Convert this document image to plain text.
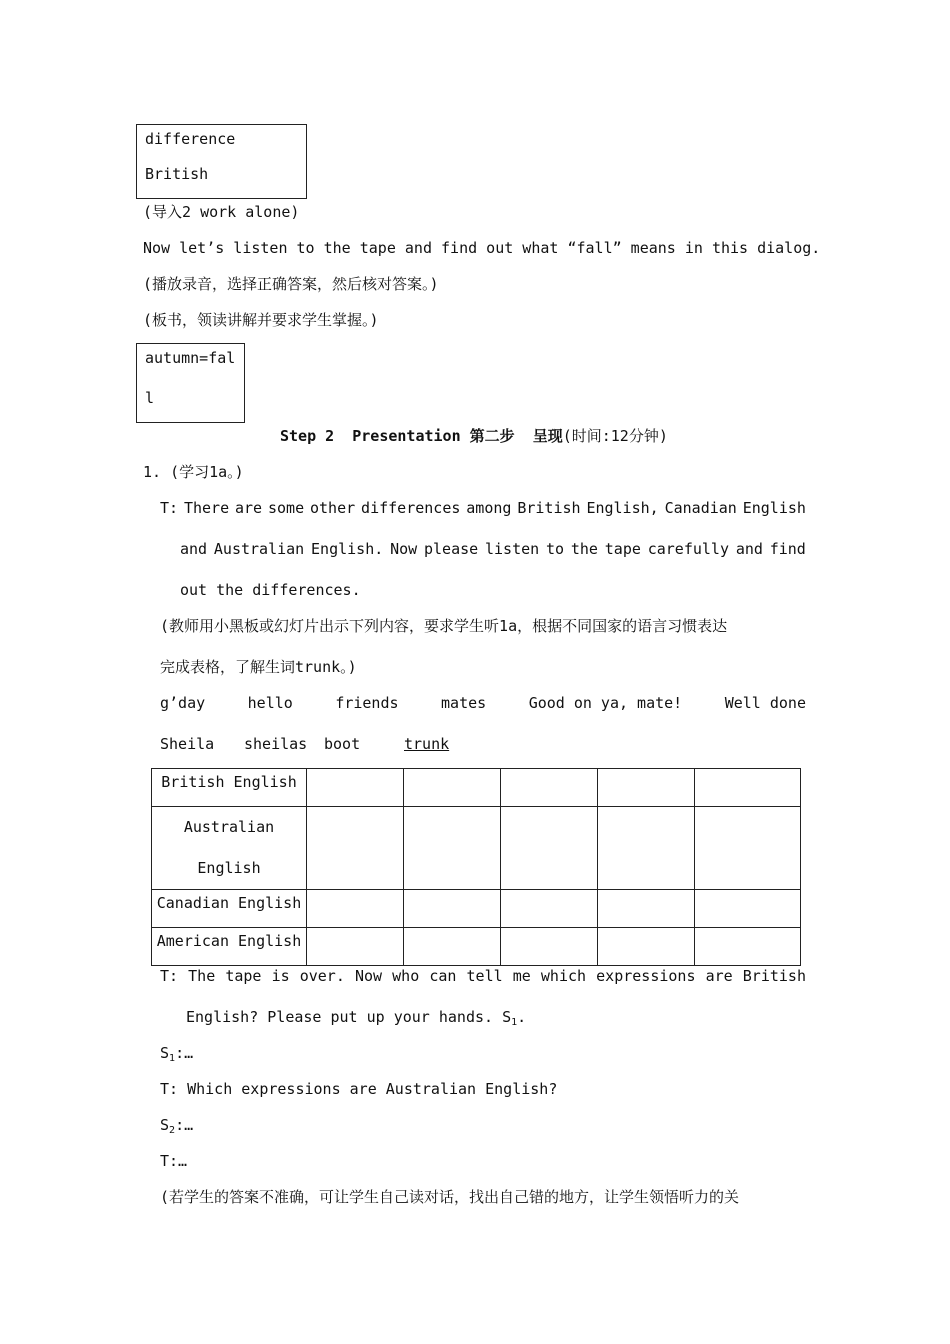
difference
British
(导入2 work alone)
Now let’s listen to the tape and find out what “fall” means in this dialog.
(播放录音，选择正确答案，然后核对答案。)
(板书，领读讲解并要求学生掌握。)
autumn=fal
l
Step 2  Presentation 第二步  呈现(时间:12分钟)
1. (学习1a。)
T: There are some other differences among British English, Canadian English
and Australian English. Now please listen to the tape carefully and find
out the differences.
(教师用小黑板或幻灯片出示下列内容，要求学生听1a，根据不同国家的语言习惯表达
完成表格，了解生词trunk。)
g’day	hello	friends	mates	Good on ya, mate!	Well done
Sheila sheilas boot	trunk
British English					
Australian English					
Canadian English					
American English					
T: The tape is over. Now who can tell me which expressions are British
English? Please put up your hands. $S_1$.
$S_1:\dots$
T: Which expressions are Australian English?
$S_2:\dots$
T:…
(若学生的答案不准确，可让学生自己读对话，找出自己错的地方，让学生领悟听力的关
